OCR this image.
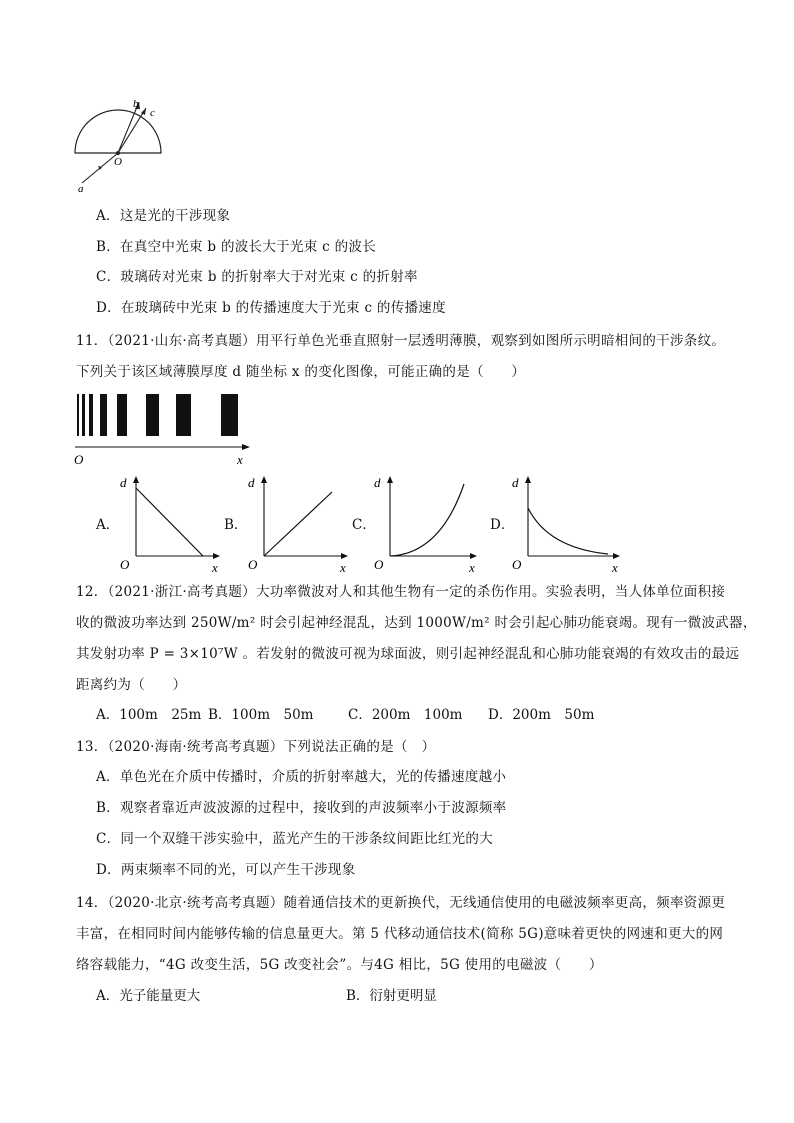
a
b
c
O
A．这是光的干涉现象
B．在真空中光束 b 的波长大于光束 c 的波长
C．玻璃砖对光束 b 的折射率大于对光束 c 的折射率
D．在玻璃砖中光束 b 的传播速度大于光束 c 的传播速度
11．（2021·山东·高考真题）用平行单色光垂直照射一层透明薄膜，观察到如图所示明暗相间的干涉条纹。
下列关于该区域薄膜厚度 d 随坐标 x 的变化图像，可能正确的是（　　）
O	x
A．
d
O	x
B．
d
O	x
C．
d
O	x
D．
d
O	x
12．（2021·浙江·高考真题）大功率微波对人和其他生物有一定的杀伤作用。实验表明，当人体单位面积接
收的微波功率达到 250W/m² 时会引起神经混乱，达到 1000W/m² 时会引起心肺功能衰竭。现有一微波武器，
其发射功率 P = 3×10⁷W 。若发射的微波可视为球面波，则引起神经混乱和心肺功能衰竭的有效攻击的最远
距离约为（　　）
A．100m　25m B．100m　50m	C．200m　100m D．200m　50m
13．（2020·海南·统考高考真题）下列说法正确的是（　）
A．单色光在介质中传播时，介质的折射率越大，光的传播速度越小
B．观察者靠近声波波源的过程中，接收到的声波频率小于波源频率
C．同一个双缝干涉实验中，蓝光产生的干涉条纹间距比红光的大
D．两束频率不同的光，可以产生干涉现象
14．（2020·北京·统考高考真题）随着通信技术的更新换代，无线通信使用的电磁波频率更高，频率资源更
丰富，在相同时间内能够传输的信息量更大。第 5 代移动通信技术(简称 5G)意味着更快的网速和更大的网
络容载能力，“4G 改变生活，5G 改变社会”。与4G 相比，5G 使用的电磁波（　　）
A．光子能量更大	B．衍射更明显
